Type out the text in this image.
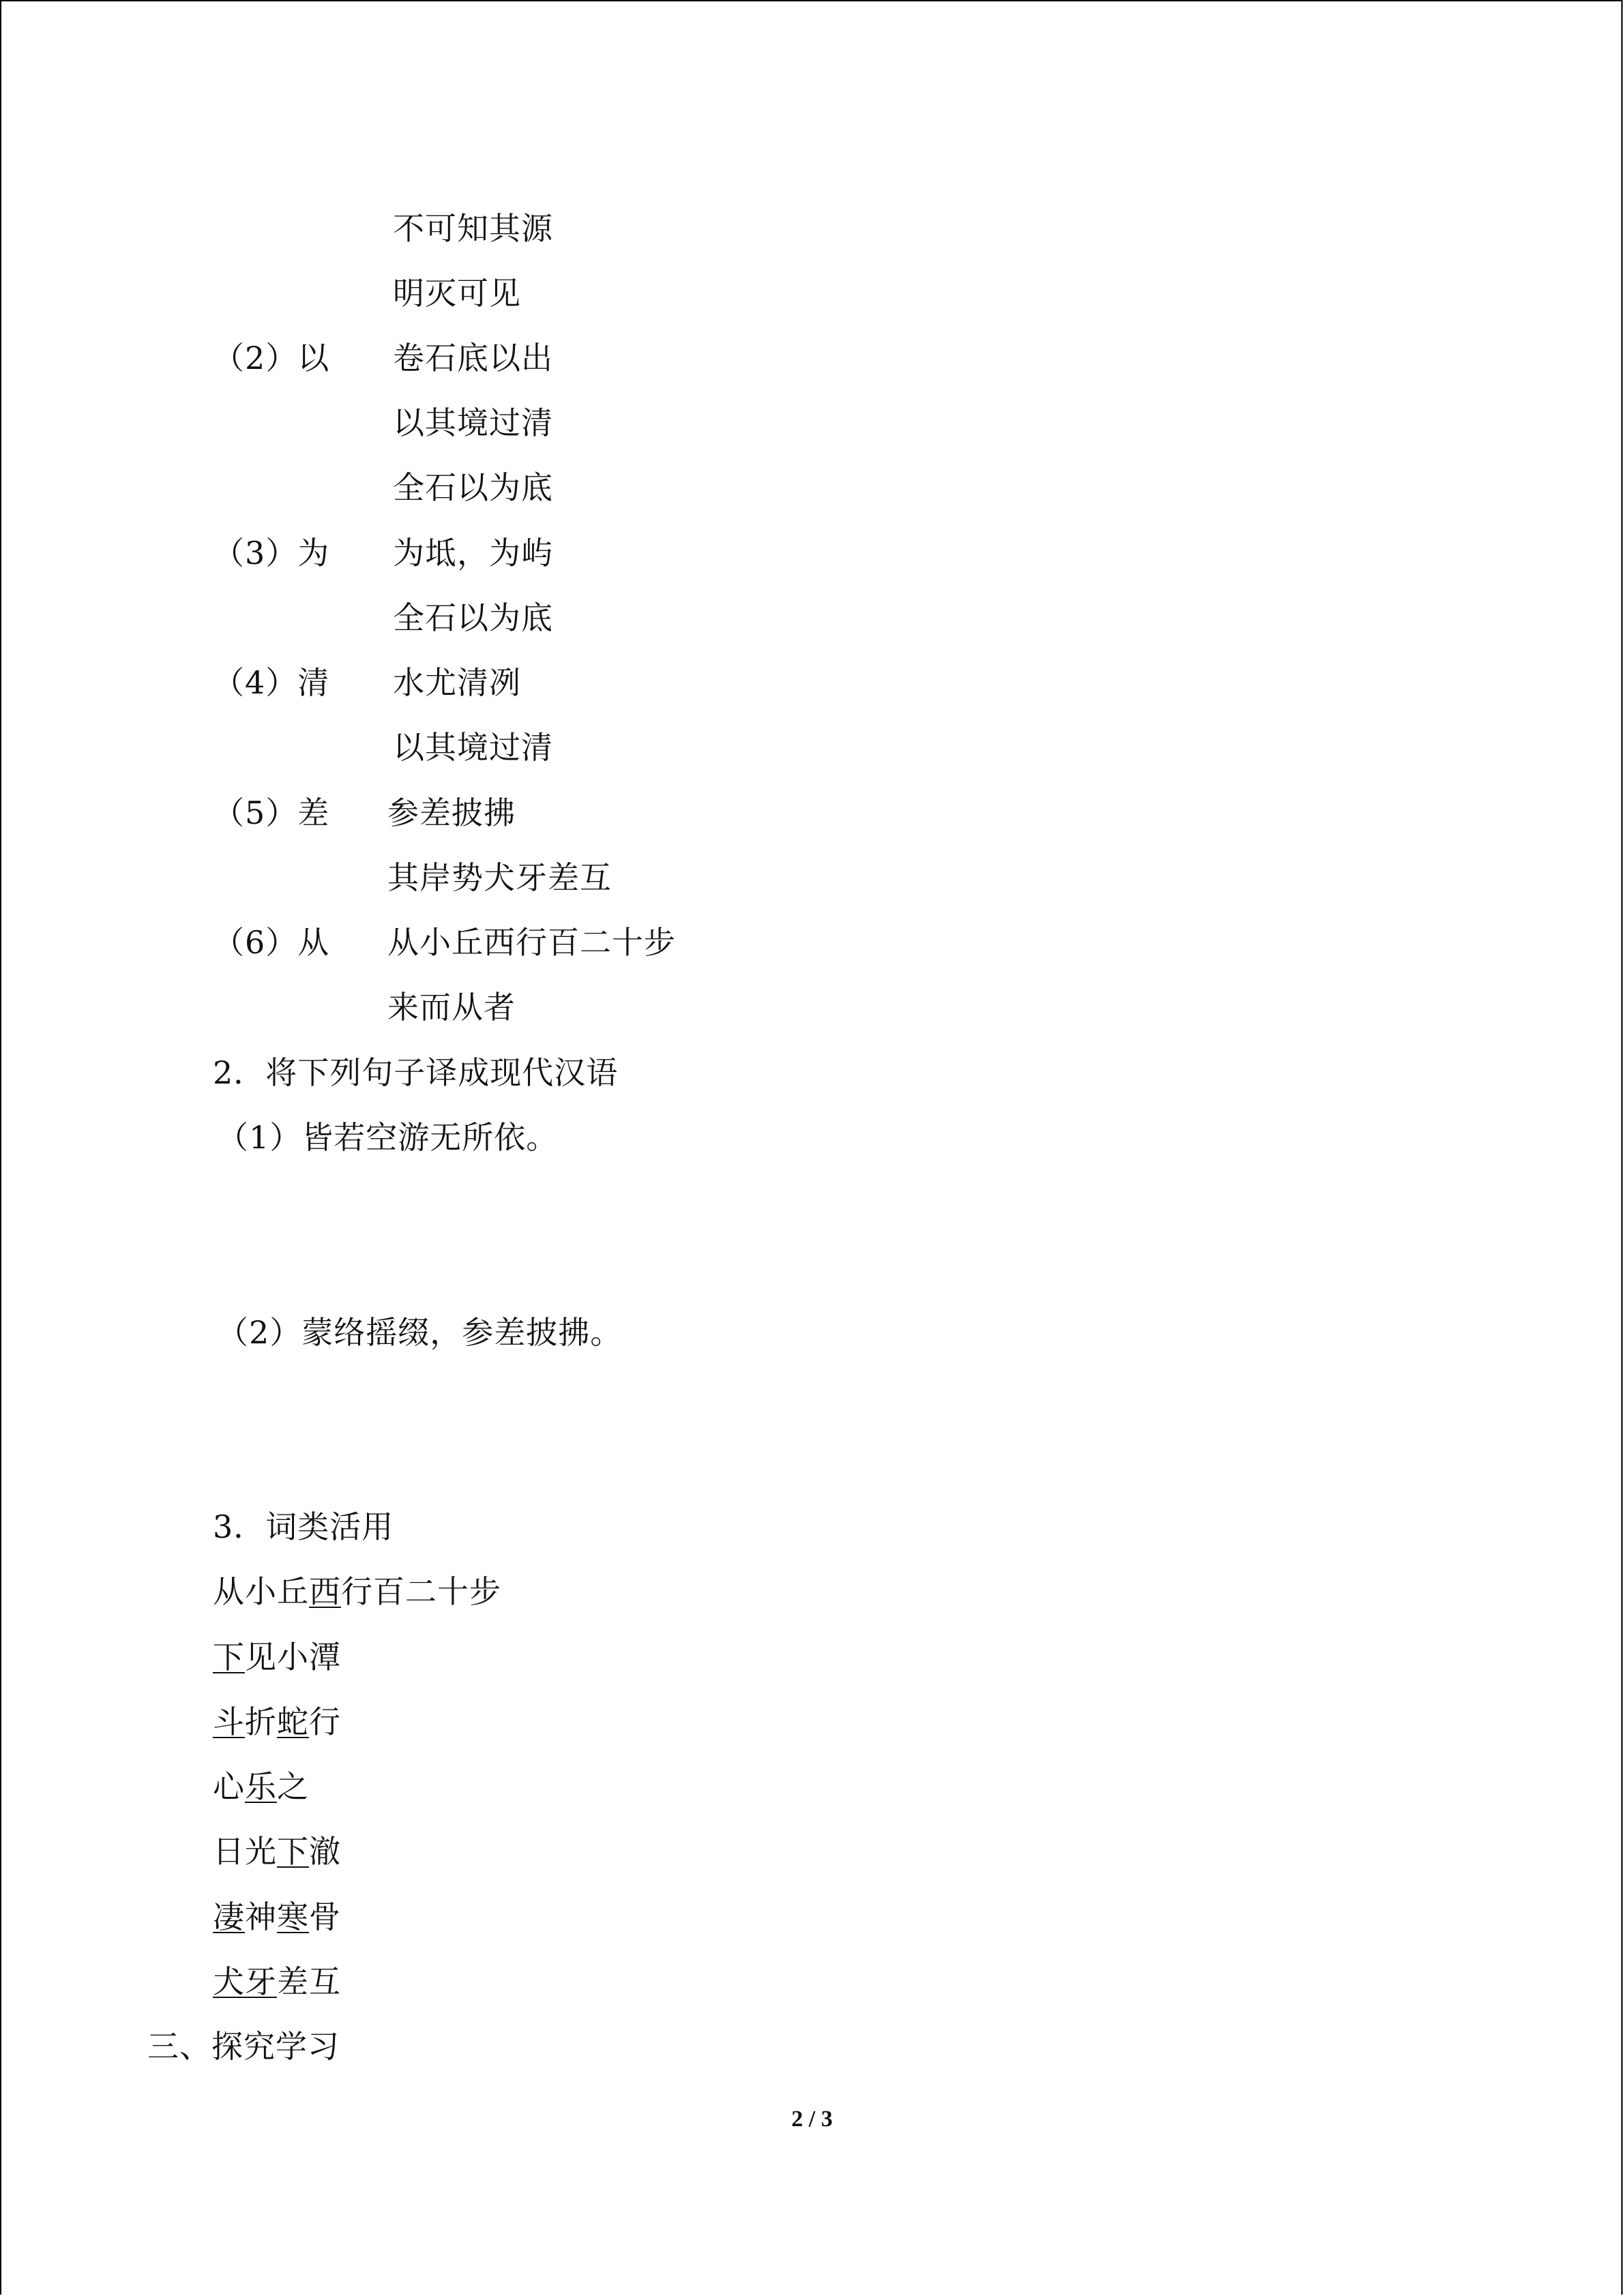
不可知其源
明灭可见
（2）以 卷石底以出
以其境过清
全石以为底
（3）为 为坻，为屿
全石以为底
（4）清 水尤清冽
以其境过清
（5）差 参差披拂
其岸势犬牙差互
（6）从 从小丘西行百二十步
来而从者
2．将下列句子译成现代汉语
（1）皆若空游无所依。
（2）蒙络摇缀，参差披拂。
3．词类活用
从小丘西行百二十步
下见小潭
斗折蛇行
心乐之
日光下澈
凄神寒骨
犬牙差互
三、探究学习
2 / 3
